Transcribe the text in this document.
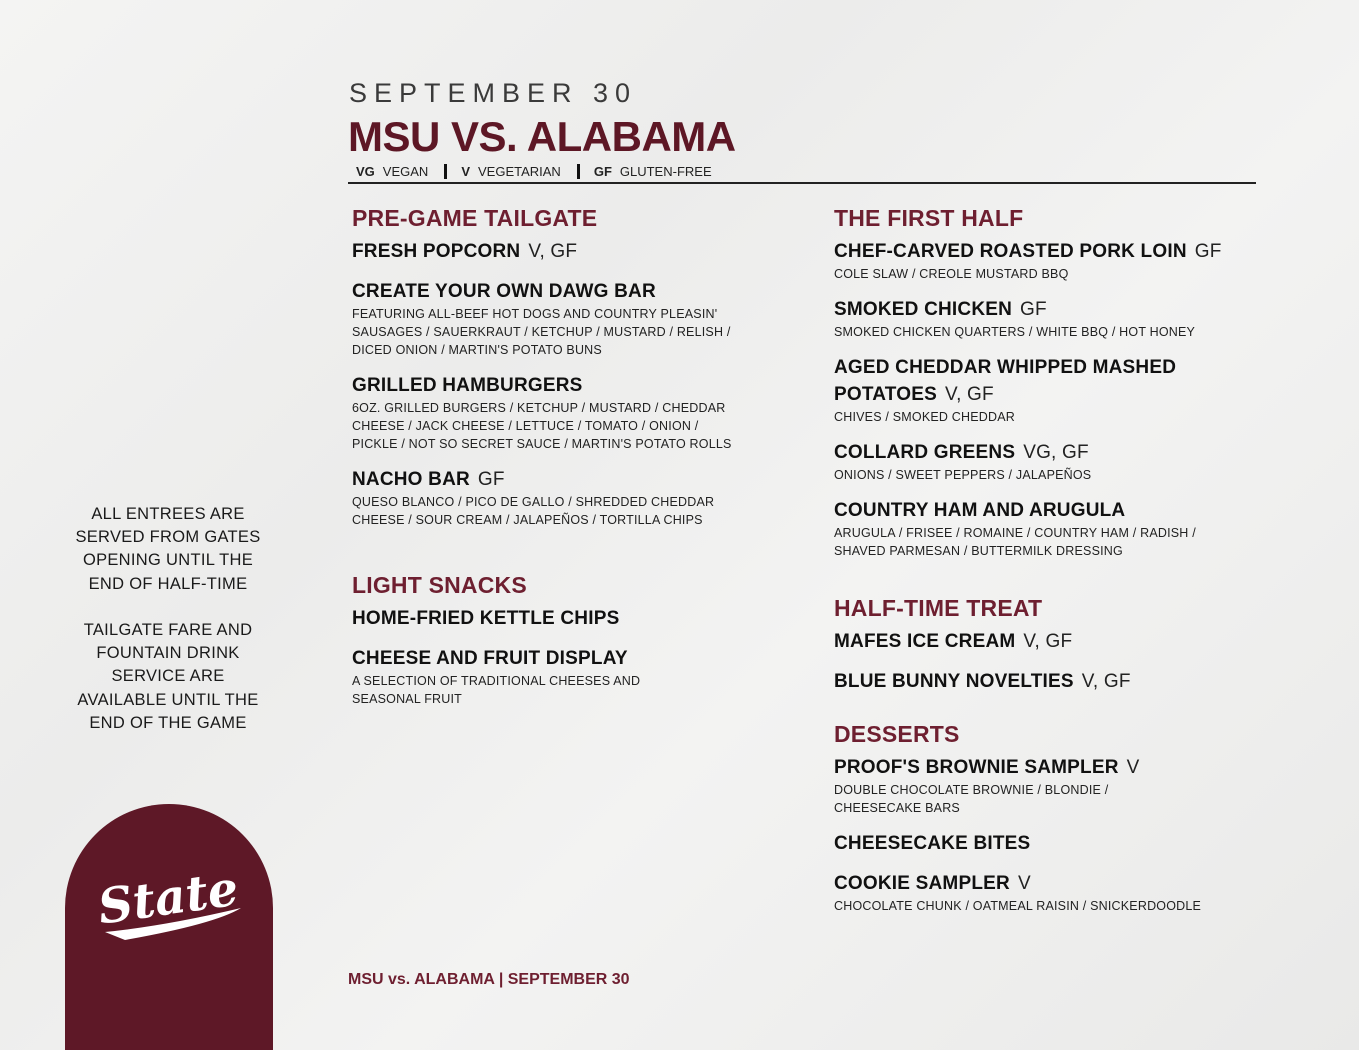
SEPTEMBER 30
MSU VS. ALABAMA
VG VEGAN	V VEGETARIAN	GF GLUTEN-FREE
PRE-GAME TAILGATE
FRESH POPCORN V, GF
CREATE YOUR OWN DAWG BAR
FEATURING ALL-BEEF HOT DOGS AND COUNTRY PLEASIN' SAUSAGES / SAUERKRAUT / KETCHUP / MUSTARD / RELISH / DICED ONION / MARTIN'S POTATO BUNS
GRILLED HAMBURGERS
6OZ. GRILLED BURGERS / KETCHUP / MUSTARD / CHEDDAR CHEESE / JACK CHEESE / LETTUCE / TOMATO / ONION / PICKLE / NOT SO SECRET SAUCE / MARTIN'S POTATO ROLLS
NACHO BAR GF
QUESO BLANCO / PICO DE GALLO / SHREDDED CHEDDAR CHEESE / SOUR CREAM / JALAPEÑOS / TORTILLA CHIPS
LIGHT SNACKS
HOME-FRIED KETTLE CHIPS
CHEESE AND FRUIT DISPLAY
A SELECTION OF TRADITIONAL CHEESES AND SEASONAL FRUIT
THE FIRST HALF
CHEF-CARVED ROASTED PORK LOIN GF
COLE SLAW / CREOLE MUSTARD BBQ
SMOKED CHICKEN GF
SMOKED CHICKEN QUARTERS / WHITE BBQ / HOT HONEY
AGED CHEDDAR WHIPPED MASHED POTATOES V, GF
CHIVES / SMOKED CHEDDAR
COLLARD GREENS VG, GF
ONIONS / SWEET PEPPERS / JALAPEÑOS
COUNTRY HAM AND ARUGULA
ARUGULA / FRISEE / ROMAINE / COUNTRY HAM / RADISH / SHAVED PARMESAN / BUTTERMILK DRESSING
HALF-TIME TREAT
MAFES ICE CREAM V, GF
BLUE BUNNY NOVELTIES V, GF
DESSERTS
PROOF'S BROWNIE SAMPLER V
DOUBLE CHOCOLATE BROWNIE / BLONDIE / CHEESECAKE BARS
CHEESECAKE BITES
COOKIE SAMPLER V
CHOCOLATE CHUNK / OATMEAL RAISIN / SNICKERDOODLE
ALL ENTREES ARE SERVED FROM GATES OPENING UNTIL THE END OF HALF-TIME
TAILGATE FARE AND FOUNTAIN DRINK SERVICE ARE AVAILABLE UNTIL THE END OF THE GAME
State
MSU vs. ALABAMA | SEPTEMBER 30
